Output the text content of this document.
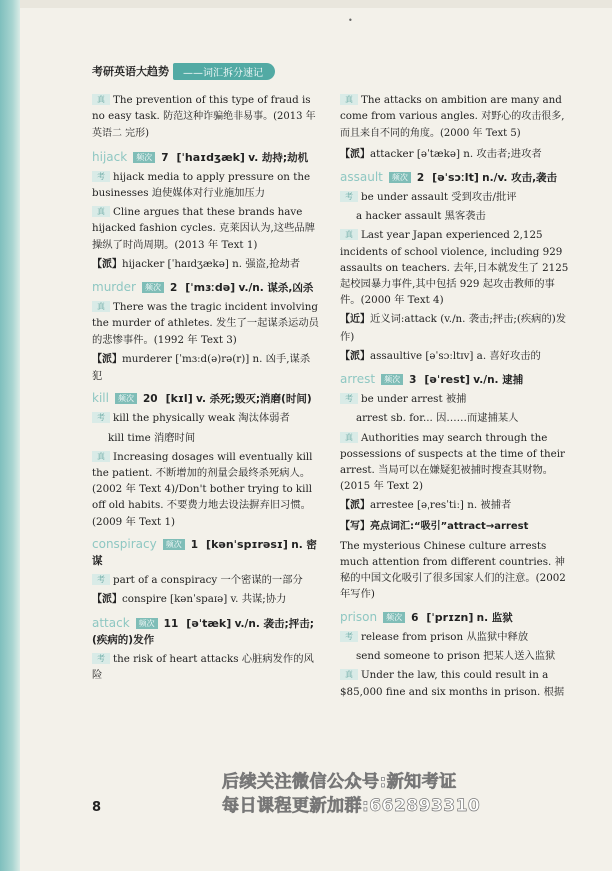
•
考研英语大趋势	——词汇拆分速记
真 The prevention of this type of fraud is no easy task. 防范这种诈骗绝非易事。(2013 年英语二 完形)
hijack 频次 7 [ˈhaɪdʒæk] v. 劫持;劫机
考 hijack media to apply pressure on the businesses 迫使媒体对行业施加压力
真 Cline argues that these brands have hijacked fashion cycles. 克莱因认为,这些品牌操纵了时尚周期。(2013 年 Text 1)
【派】hijacker [ˈhaɪdʒækə] n. 强盗,抢劫者
murder 频次 2 [ˈmɜːdə] v./n. 谋杀,凶杀
真 There was the tragic incident involving the murder of athletes. 发生了一起谋杀运动员的悲惨事件。(1992 年 Text 3)
【派】murderer [ˈmɜːd(ə)rə(r)] n. 凶手,谋杀犯
kill 频次 20 [kɪl] v. 杀死;毁灭;消磨(时间)
考 kill the physically weak 淘汰体弱者
kill time 消磨时间
真 Increasing dosages will eventually kill the patient. 不断增加的剂量会最终杀死病人。(2002 年 Text 4)/Don't bother trying to kill off old habits. 不要费力地去设法摒弃旧习惯。(2009 年 Text 1)
conspiracy 频次 1 [kənˈspɪrəsɪ] n. 密谋
考 part of a conspiracy 一个密谋的一部分
【派】conspire [kənˈspaɪə] v. 共谋;协力
attack 频次 11 [əˈtæk] v./n. 袭击;抨击;(疾病的)发作
考 the risk of heart attacks 心脏病发作的风险
真 The attacks on ambition are many and come from various angles. 对野心的攻击很多,而且来自不同的角度。(2000 年 Text 5)
【派】attacker [əˈtækə] n. 攻击者;进攻者
assault 频次 2 [əˈsɔːlt] n./v. 攻击,袭击
考 be under assault 受到攻击/批评
a hacker assault 黑客袭击
真 Last year Japan experienced 2,125 incidents of school violence, including 929 assaults on teachers. 去年,日本就发生了 2125 起校园暴力事件,其中包括 929 起攻击教师的事件。(2000 年 Text 4)
【近】近义词:attack (v./n. 袭击;抨击;(疾病的)发作)
【派】assaultive [əˈsɔːltɪv] a. 喜好攻击的
arrest 频次 3 [əˈrest] v./n. 逮捕
考 be under arrest 被捕
arrest sb. for... 因……而逮捕某人
真 Authorities may search through the possessions of suspects at the time of their arrest. 当局可以在嫌疑犯被捕时搜查其财物。(2015 年 Text 2)
【派】arrestee [əˌresˈtiː] n. 被捕者
【写】亮点词汇:“吸引”attract→arrest
The mysterious Chinese culture arrests much attention from different countries. 神秘的中国文化吸引了很多国家人们的注意。(2002年写作)
prison 频次 6 [ˈprɪzn] n. 监狱
考 release from prison 从监狱中释放
send someone to prison 把某人送入监狱
真 Under the law, this could result in a $85,000 fine and six months in prison. 根据
8
后续关注微信公众号:新知考证
每日课程更新加群:662893310
